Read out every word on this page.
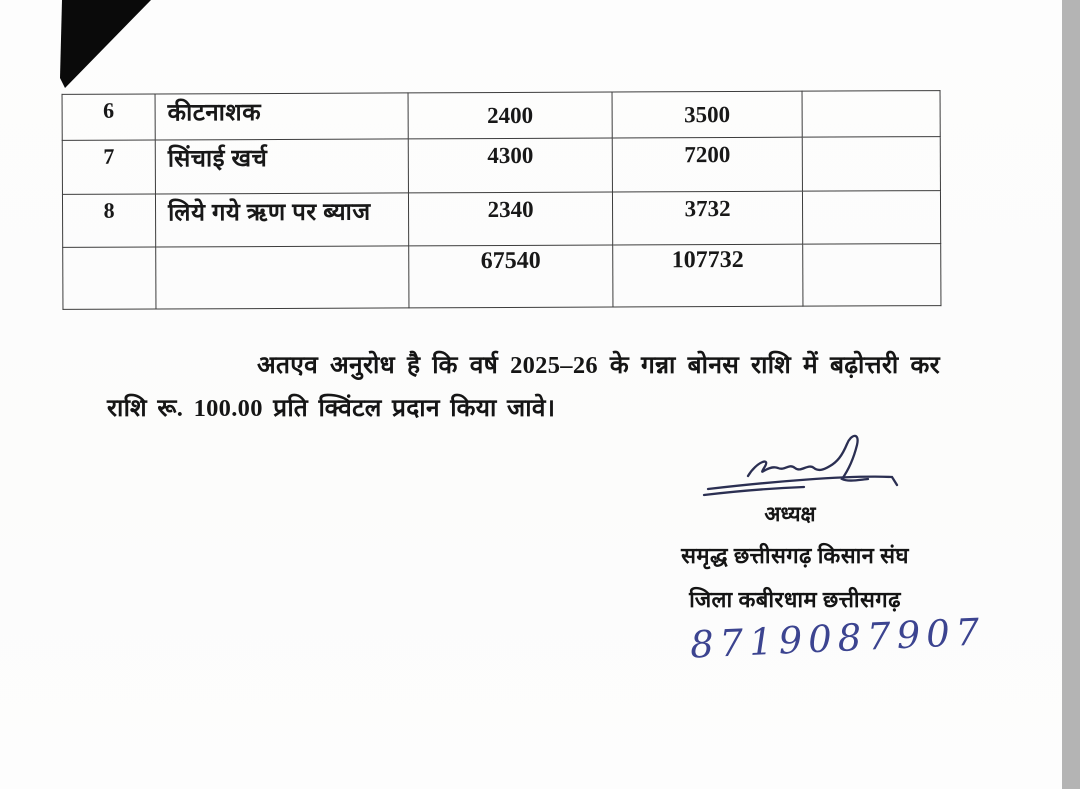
6	कीटनाशक	2400	3500	
7	सिंचाई खर्च	4300	7200	
8	लिये गये ऋण पर ब्याज	2340	3732	
		67540	107732	
अतएव अनुरोध है कि वर्ष 2025–26 के गन्ना बोनस राशि में बढ़ोत्तरी कर राशि रू. 100.00 प्रति क्विंटल प्रदान किया जावे।
अध्यक्ष
समृद्ध छत्तीसगढ़ किसान संघ
जिला कबीरधाम छत्तीसगढ़
8719087907
